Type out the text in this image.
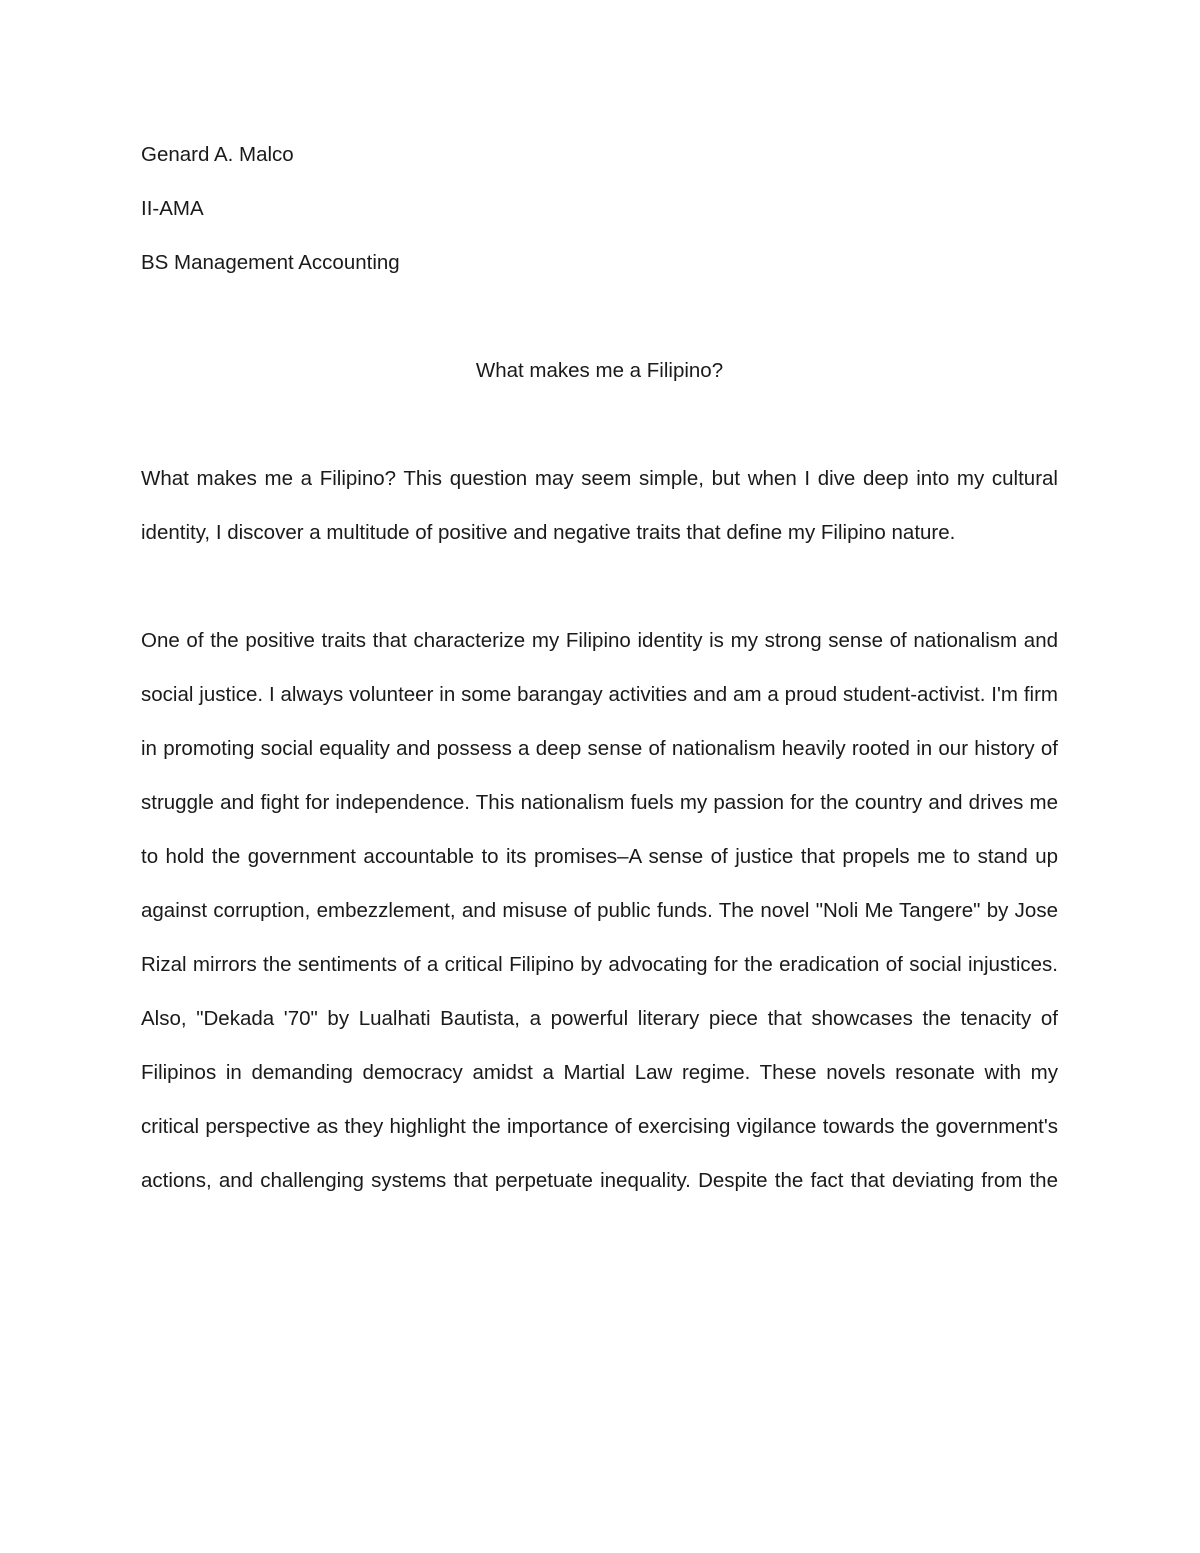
Genard A. Malco

II-AMA

BS Management Accounting

What makes me a Filipino?

What makes me a Filipino? This question may seem simple, but when I dive deep into my cultural identity, I discover a multitude of positive and negative traits that define my Filipino nature.

One of the positive traits that characterize my Filipino identity is my strong sense of nationalism and social justice. I always volunteer in some barangay activities and am a proud student-activist. I'm firm in promoting social equality and possess a deep sense of nationalism heavily rooted in our history of struggle and fight for independence. This nationalism fuels my passion for the country and drives me to hold the government accountable to its promises–A sense of justice that propels me to stand up against corruption, embezzlement, and misuse of public funds. The novel "Noli Me Tangere" by Jose Rizal mirrors the sentiments of a critical Filipino by advocating for the eradication of social injustices. Also, "Dekada '70" by Lualhati Bautista, a powerful literary piece that showcases the tenacity of Filipinos in demanding democracy amidst a Martial Law regime. These novels resonate with my critical perspective as they highlight the importance of exercising vigilance towards the government's actions, and challenging systems that perpetuate inequality. Despite the fact that deviating from the
